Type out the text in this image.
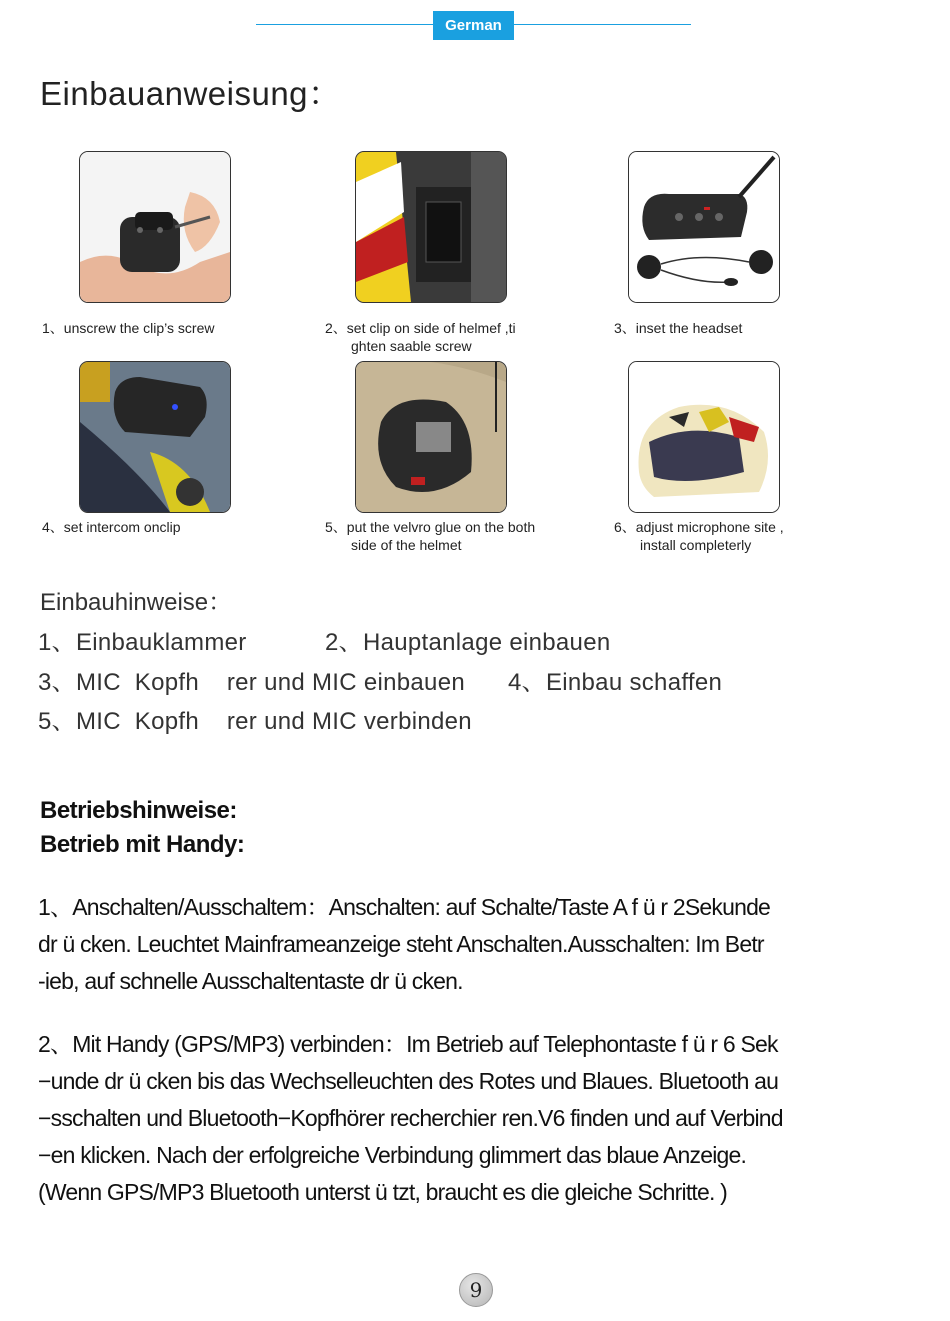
German
Einbauanweisung：
1、unscrew the clip’s screw	2、set clip on side of helmef ,ti
ghten saable screw
3、inset the headset
4、set intercom onclip	5、put the velvro glue on the both
side of the helmet
6、adjust microphone site ,
install completerly
Einbauhinweise：
1、Einbauklammer	2、Hauptanlage einbauen
3、MIC  Kopfh    rer und MIC einbauen 4、Einbau schaffen
5、MIC  Kopfh    rer und MIC verbinden
Betriebshinweise:
Betrieb mit Handy:
1、Anschalten/Ausschaltem：Anschalten: auf Schalte/Taste A f ü r 2Sekunde
dr ü cken. Leuchtet Mainframeanzeige steht Anschalten.Ausschalten: Im Betr
-ieb, auf schnelle Ausschaltentaste dr ü cken.
2、Mit Handy (GPS/MP3) verbinden：Im Betrieb auf Telephontaste f ü r 6 Sek
−unde dr ü cken bis das Wechselleuchten des Rotes und Blaues. Bluetooth au
−sschalten und Bluetooth−Kopfhörer recherchier ren.V6 finden und auf Verbind
−en klicken. Nach der erfolgreiche Verbindung glimmert das blaue Anzeige.
(Wenn GPS/MP3 Bluetooth unterst ü tzt, braucht es die gleiche Schritte. )
9
